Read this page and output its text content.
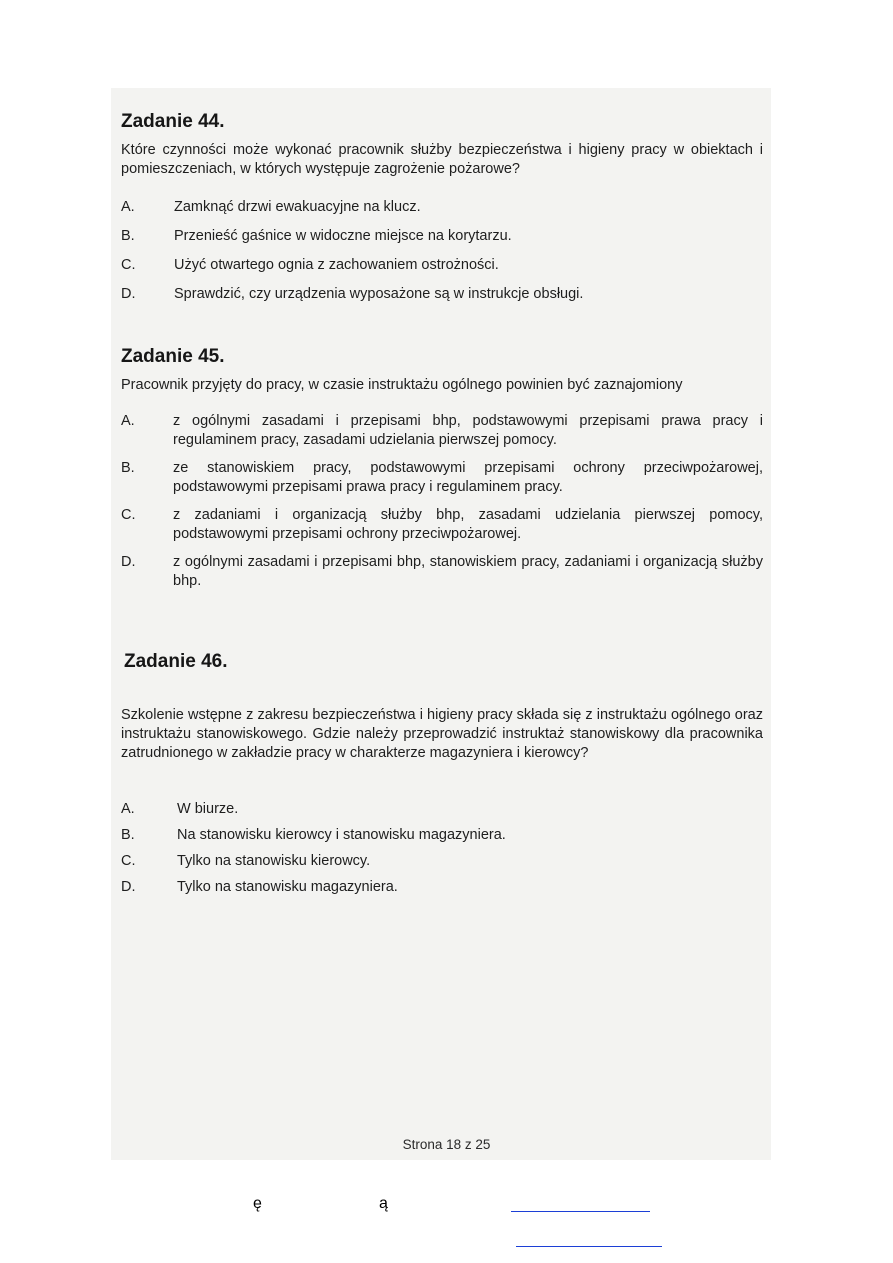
Zadanie 44.

Które czynności może wykonać pracownik służby bezpieczeństwa i higieny pracy w obiektach i pomieszczeniach, w których występuje zagrożenie pożarowe?

A.	Zamknąć drzwi ewakuacyjne na klucz.
B.	Przenieść gaśnice w widoczne miejsce na korytarzu.
C.	Użyć otwartego ognia z zachowaniem ostrożności.
D.	Sprawdzić, czy urządzenia wyposażone są w instrukcje obsługi.
Zadanie 45.

Pracownik przyjęty do pracy, w czasie instruktażu ogólnego powinien być zaznajomiony

A.	z ogólnymi zasadami i przepisami bhp, podstawowymi przepisami prawa pracy i regulaminem pracy, zasadami udzielania pierwszej pomocy.
B.	ze stanowiskiem pracy, podstawowymi przepisami ochrony przeciwpożarowej, podstawowymi przepisami prawa pracy i regulaminem pracy.
C.	z zadaniami i organizacją służby bhp, zasadami udzielania pierwszej pomocy, podstawowymi przepisami ochrony przeciwpożarowej.
D.	z ogólnymi zasadami i przepisami bhp, stanowiskiem pracy, zadaniami i organizacją służby bhp.
Zadanie 46.

Szkolenie wstępne z zakresu bezpieczeństwa i higieny pracy składa się z instruktażu ogólnego oraz instruktażu stanowiskowego. Gdzie należy przeprowadzić instruktaż stanowiskowy dla pracownika zatrudnionego w zakładzie pracy w charakterze magazyniera i kierowcy?

A.	W biurze.
B.	Na stanowisku kierowcy i stanowisku magazyniera.
C.	Tylko na stanowisku kierowcy.
D.	Tylko na stanowisku magazyniera.
Strona 18 z 25
ę	ą
